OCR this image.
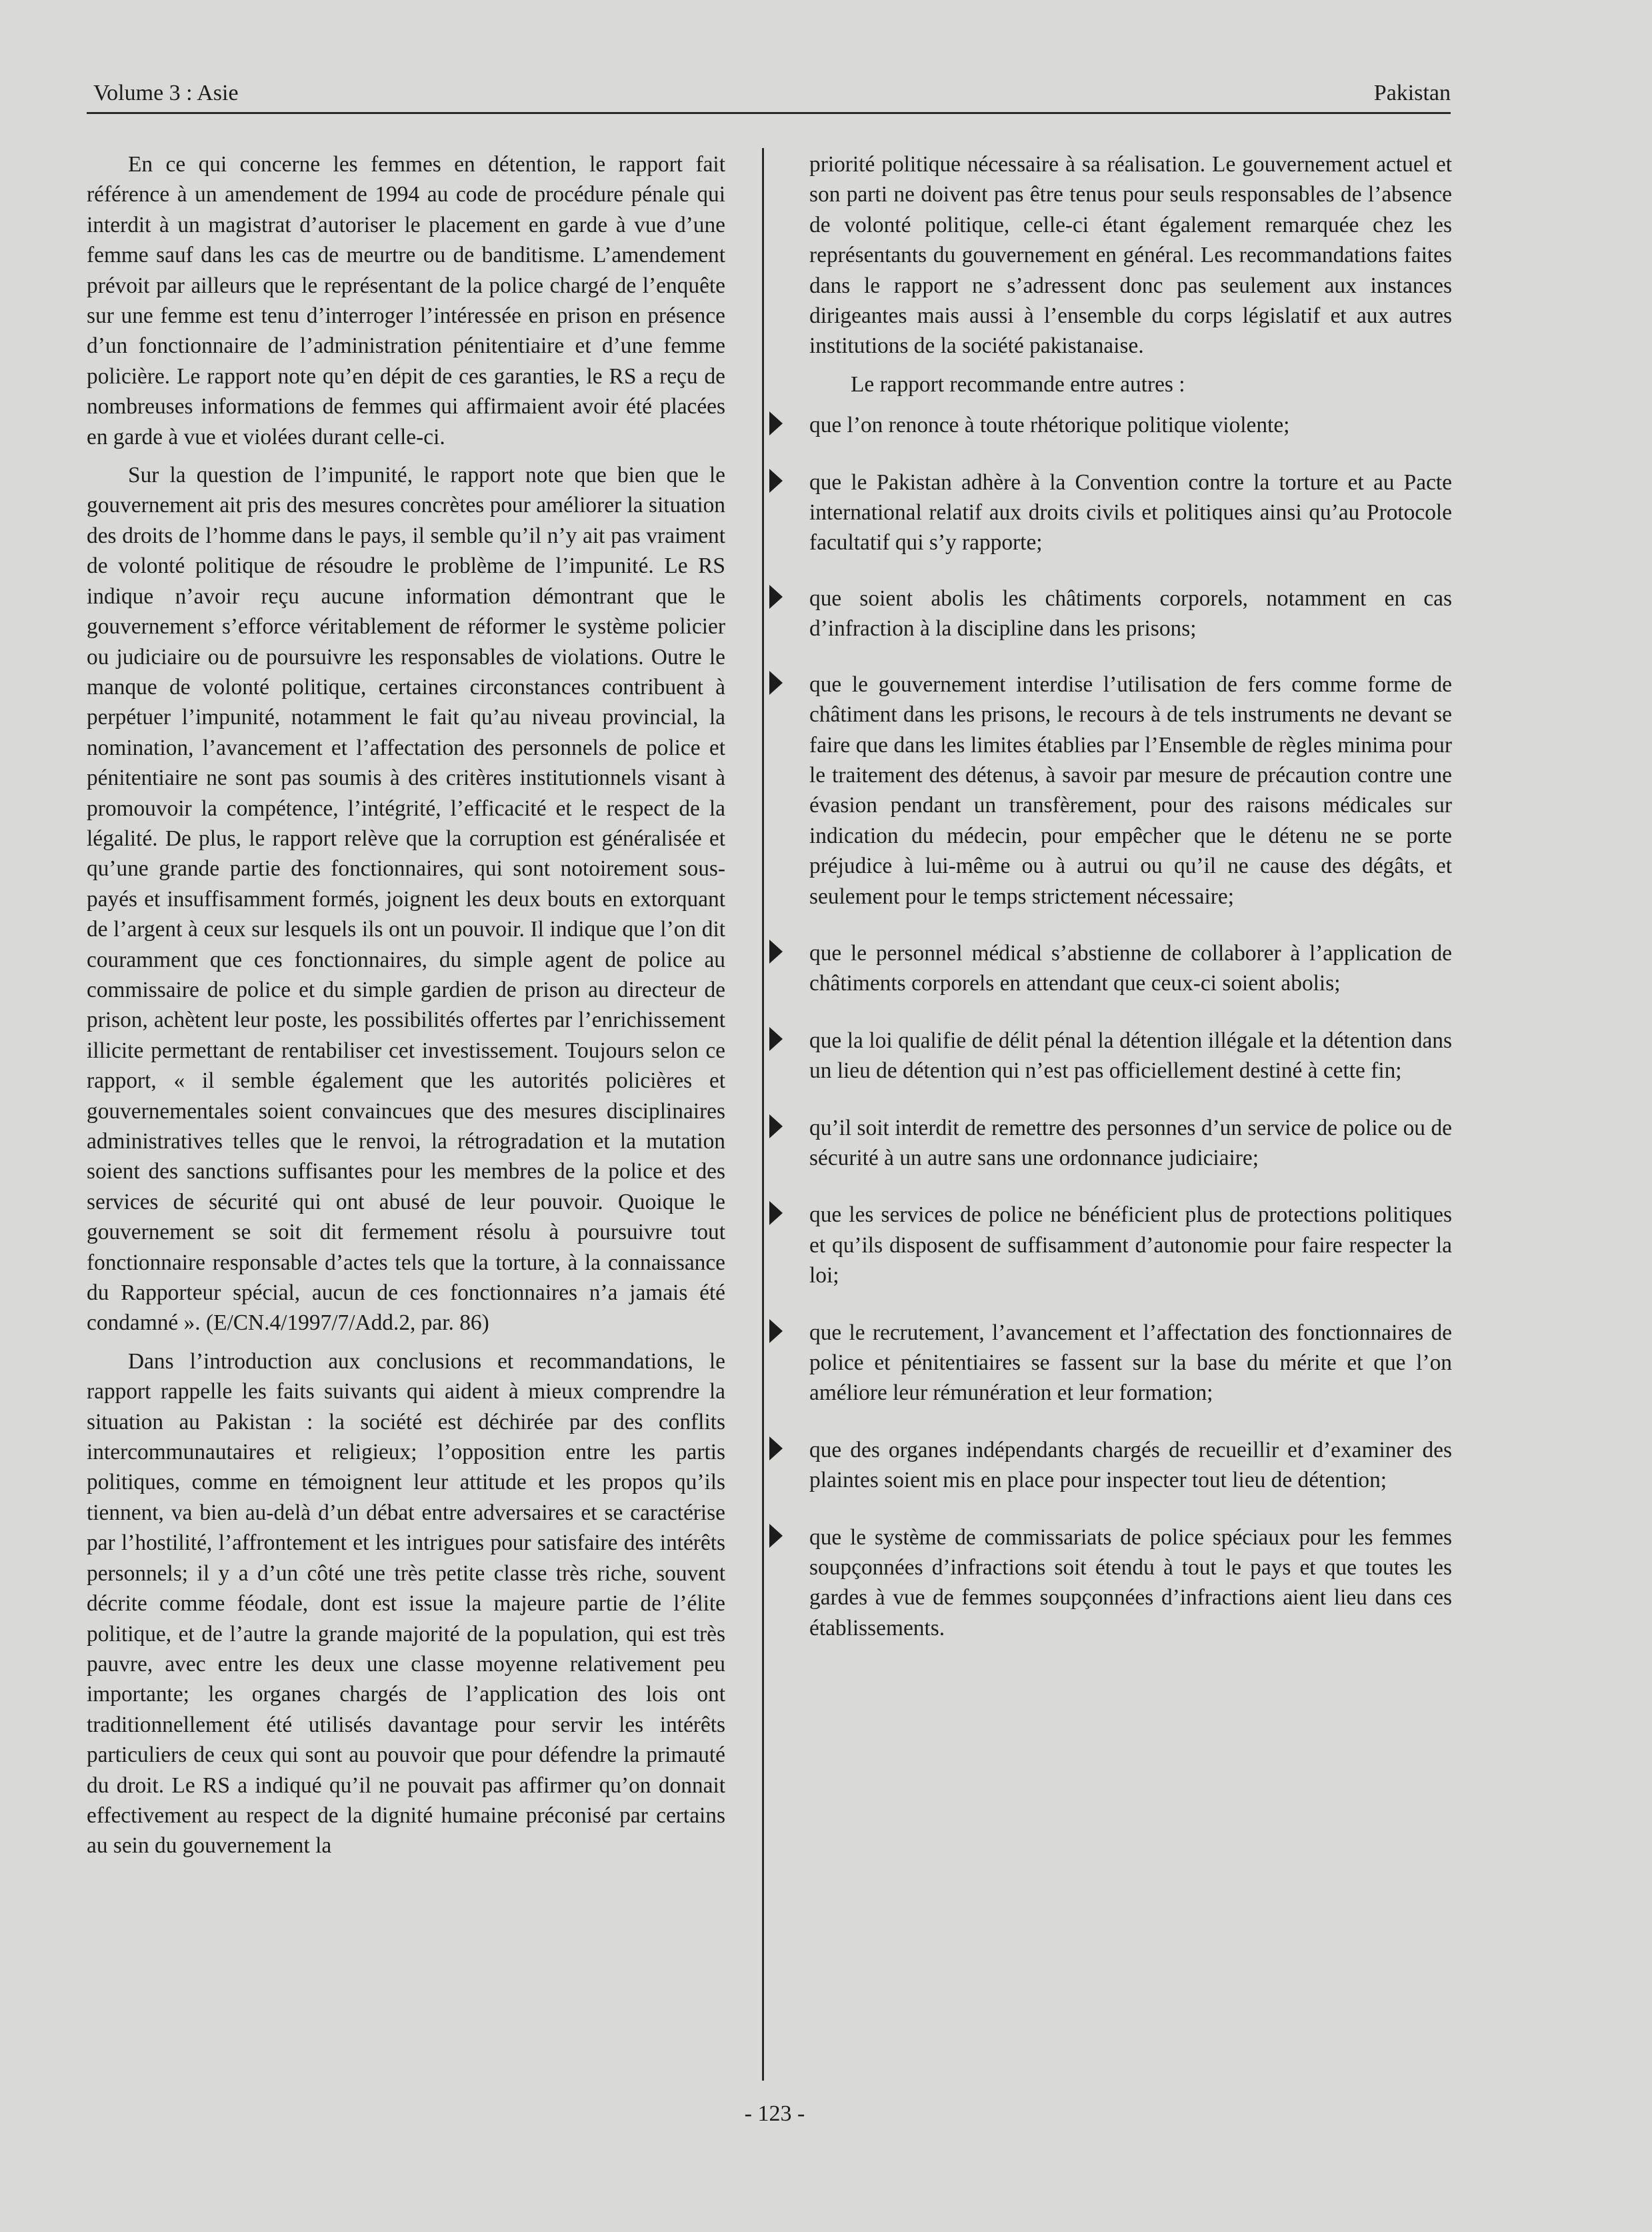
Volume 3 : Asie	Pakistan

En ce qui concerne les femmes en détention, le rapport fait référence à un amendement de 1994 au code de procédure pénale qui interdit à un magistrat d’autoriser le placement en garde à vue d’une femme sauf dans les cas de meurtre ou de banditisme. L’amendement prévoit par ailleurs que le représentant de la police chargé de l’enquête sur une femme est tenu d’interroger l’intéressée en prison en présence d’un fonctionnaire de l’administration pénitentiaire et d’une femme policière. Le rapport note qu’en dépit de ces garanties, le RS a reçu de nombreuses informations de femmes qui affirmaient avoir été placées en garde à vue et violées durant celle-ci.

Sur la question de l’impunité, le rapport note que bien que le gouvernement ait pris des mesures concrètes pour améliorer la situation des droits de l’homme dans le pays, il semble qu’il n’y ait pas vraiment de volonté politique de résoudre le problème de l’impunité. Le RS indique n’avoir reçu aucune information démontrant que le gouvernement s’efforce véritablement de réformer le système policier ou judiciaire ou de poursuivre les responsables de violations. Outre le manque de volonté politique, certaines circonstances contribuent à perpétuer l’impunité, notamment le fait qu’au niveau provincial, la nomination, l’avancement et l’affectation des personnels de police et pénitentiaire ne sont pas soumis à des critères institutionnels visant à promouvoir la compétence, l’intégrité, l’efficacité et le respect de la légalité. De plus, le rapport relève que la corruption est généralisée et qu’une grande partie des fonctionnaires, qui sont notoirement sous-payés et insuffisamment formés, joignent les deux bouts en extorquant de l’argent à ceux sur lesquels ils ont un pouvoir. Il indique que l’on dit couramment que ces fonctionnaires, du simple agent de police au commissaire de police et du simple gardien de prison au directeur de prison, achètent leur poste, les possibilités offertes par l’enrichissement illicite permettant de rentabiliser cet investissement. Toujours selon ce rapport, « il semble également que les autorités policières et gouvernementales soient convaincues que des mesures disciplinaires administratives telles que le renvoi, la rétrogradation et la mutation soient des sanctions suffisantes pour les membres de la police et des services de sécurité qui ont abusé de leur pouvoir. Quoique le gouvernement se soit dit fermement résolu à poursuivre tout fonctionnaire responsable d’actes tels que la torture, à la connaissance du Rapporteur spécial, aucun de ces fonctionnaires n’a jamais été condamné ». (E/CN.4/1997/7/Add.2, par. 86)

Dans l’introduction aux conclusions et recommandations, le rapport rappelle les faits suivants qui aident à mieux comprendre la situation au Pakistan : la société est déchirée par des conflits intercommunautaires et religieux; l’opposition entre les partis politiques, comme en témoignent leur attitude et les propos qu’ils tiennent, va bien au-delà d’un débat entre adversaires et se caractérise par l’hostilité, l’affrontement et les intrigues pour satisfaire des intérêts personnels; il y a d’un côté une très petite classe très riche, souvent décrite comme féodale, dont est issue la majeure partie de l’élite politique, et de l’autre la grande majorité de la population, qui est très pauvre, avec entre les deux une classe moyenne relativement peu importante; les organes chargés de l’application des lois ont traditionnellement été utilisés davantage pour servir les intérêts particuliers de ceux qui sont au pouvoir que pour défendre la primauté du droit. Le RS a indiqué qu’il ne pouvait pas affirmer qu’on donnait effectivement au respect de la dignité humaine préconisé par certains au sein du gouvernement la

priorité politique nécessaire à sa réalisation. Le gouvernement actuel et son parti ne doivent pas être tenus pour seuls responsables de l’absence de volonté politique, celle-ci étant également remarquée chez les représentants du gouvernement en général. Les recommandations faites dans le rapport ne s’adressent donc pas seulement aux instances dirigeantes mais aussi à l’ensemble du corps législatif et aux autres institutions de la société pakistanaise.

Le rapport recommande entre autres :

que l’on renonce à toute rhétorique politique violente;
que le Pakistan adhère à la Convention contre la torture et au Pacte international relatif aux droits civils et politiques ainsi qu’au Protocole facultatif qui s’y rapporte;
que soient abolis les châtiments corporels, notamment en cas d’infraction à la discipline dans les prisons;
que le gouvernement interdise l’utilisation de fers comme forme de châtiment dans les prisons, le recours à de tels instruments ne devant se faire que dans les limites établies par l’Ensemble de règles minima pour le traitement des détenus, à savoir par mesure de précaution contre une évasion pendant un transfèrement, pour des raisons médicales sur indication du médecin, pour empêcher que le détenu ne se porte préjudice à lui-même ou à autrui ou qu’il ne cause des dégâts, et seulement pour le temps strictement nécessaire;
que le personnel médical s’abstienne de collaborer à l’application de châtiments corporels en attendant que ceux-ci soient abolis;
que la loi qualifie de délit pénal la détention illégale et la détention dans un lieu de détention qui n’est pas officiellement destiné à cette fin;
qu’il soit interdit de remettre des personnes d’un service de police ou de sécurité à un autre sans une ordonnance judiciaire;
que les services de police ne bénéficient plus de protections politiques et qu’ils disposent de suffisamment d’autonomie pour faire respecter la loi;
que le recrutement, l’avancement et l’affectation des fonctionnaires de police et pénitentiaires se fassent sur la base du mérite et que l’on améliore leur rémunération et leur formation;
que des organes indépendants chargés de recueillir et d’examiner des plaintes soient mis en place pour inspecter tout lieu de détention;
que le système de commissariats de police spéciaux pour les femmes soupçonnées d’infractions soit étendu à tout le pays et que toutes les gardes à vue de femmes soupçonnées d’infractions aient lieu dans ces établissements.
- 123 -
